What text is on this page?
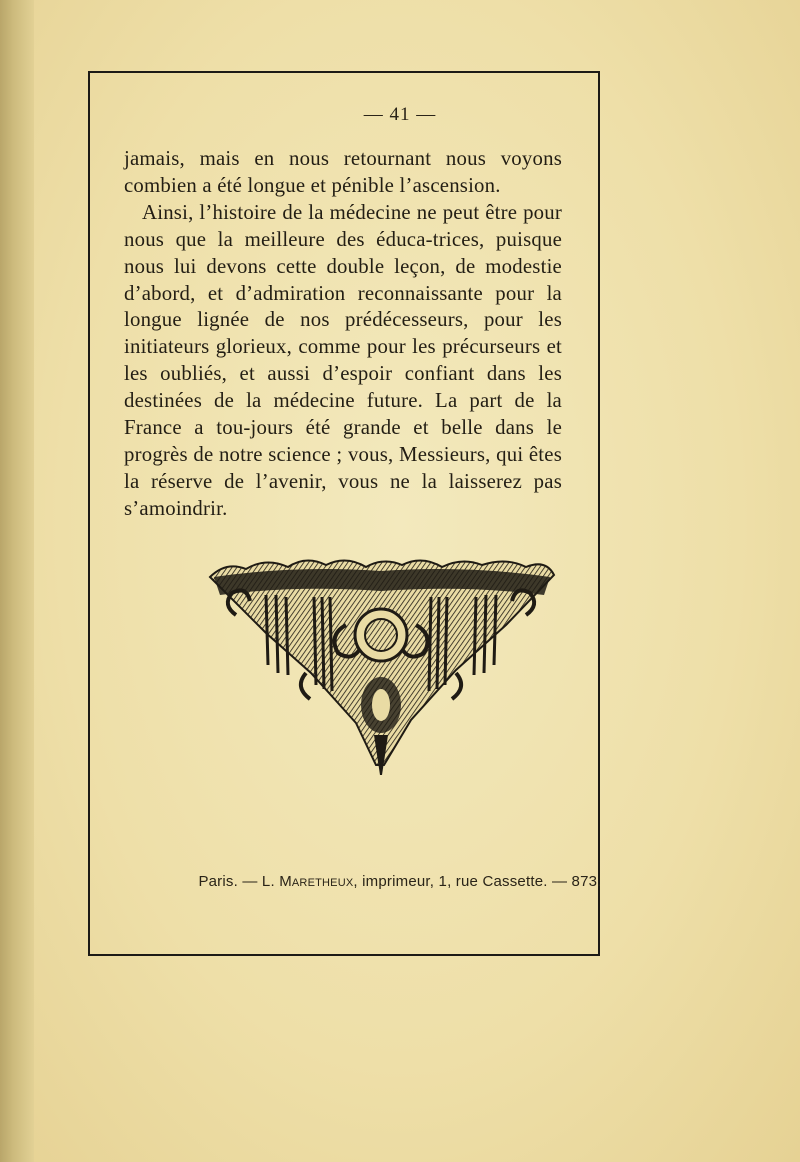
— 41 —

jamais, mais en nous retournant nous voyons combien a été longue et pénible l’ascension.

Ainsi, l’histoire de la médecine ne peut être pour nous que la meilleure des éduca-trices, puisque nous lui devons cette double leçon, de modestie d’abord, et d’admiration reconnaissante pour la longue lignée de nos prédécesseurs, pour les initiateurs glorieux, comme pour les précurseurs et les oubliés, et aussi d’espoir confiant dans les destinées de la médecine future. La part de la France a tou-jours été grande et belle dans le progrès de notre science ; vous, Messieurs, qui êtes la réserve de l’avenir, vous ne la laisserez pas s’amoindrir.

Paris. — L. Maretheux, imprimeur, 1, rue Cassette. — 873.
